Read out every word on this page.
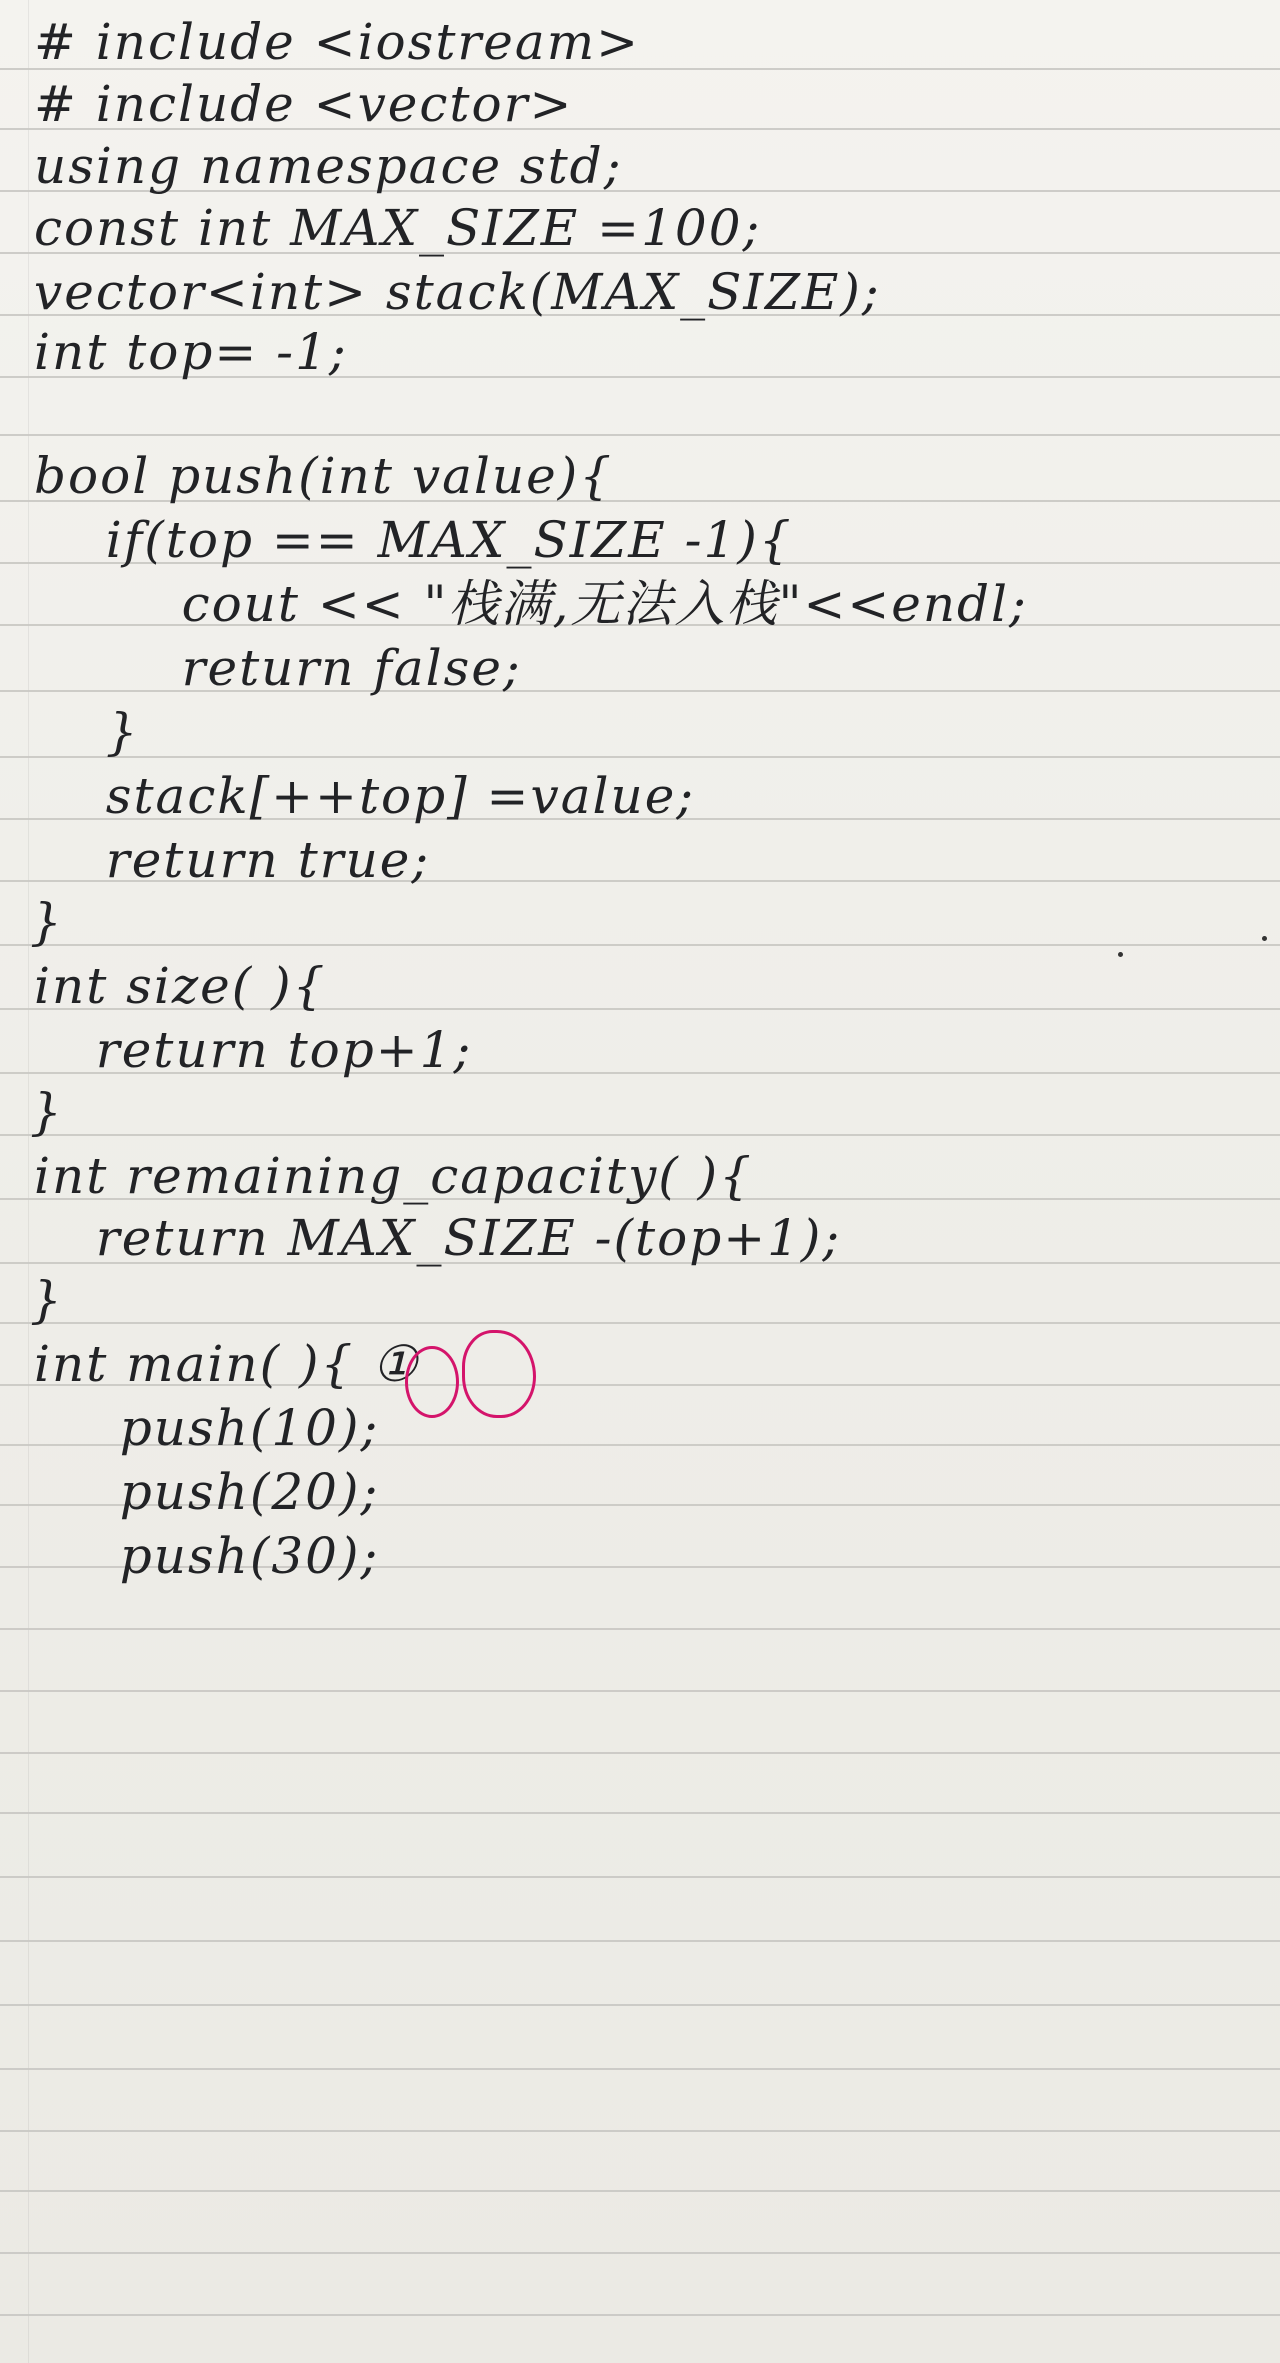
# include <iostream>
# include <vector>
using namespace std;
const int MAX_SIZE =100;
vector<int> stack(MAX_SIZE);
int top= -1;
bool push(int value){
if(top == MAX_SIZE -1){
cout << "栈满,无法入栈"<<endl;
return false;
}
stack[++top] =value;
return true;
}
int size( ){
return top+1;
}
int remaining_capacity( ){
return MAX_SIZE -(top+1);
}
int main( ){ ①
push(10);
push(20);
push(30);
